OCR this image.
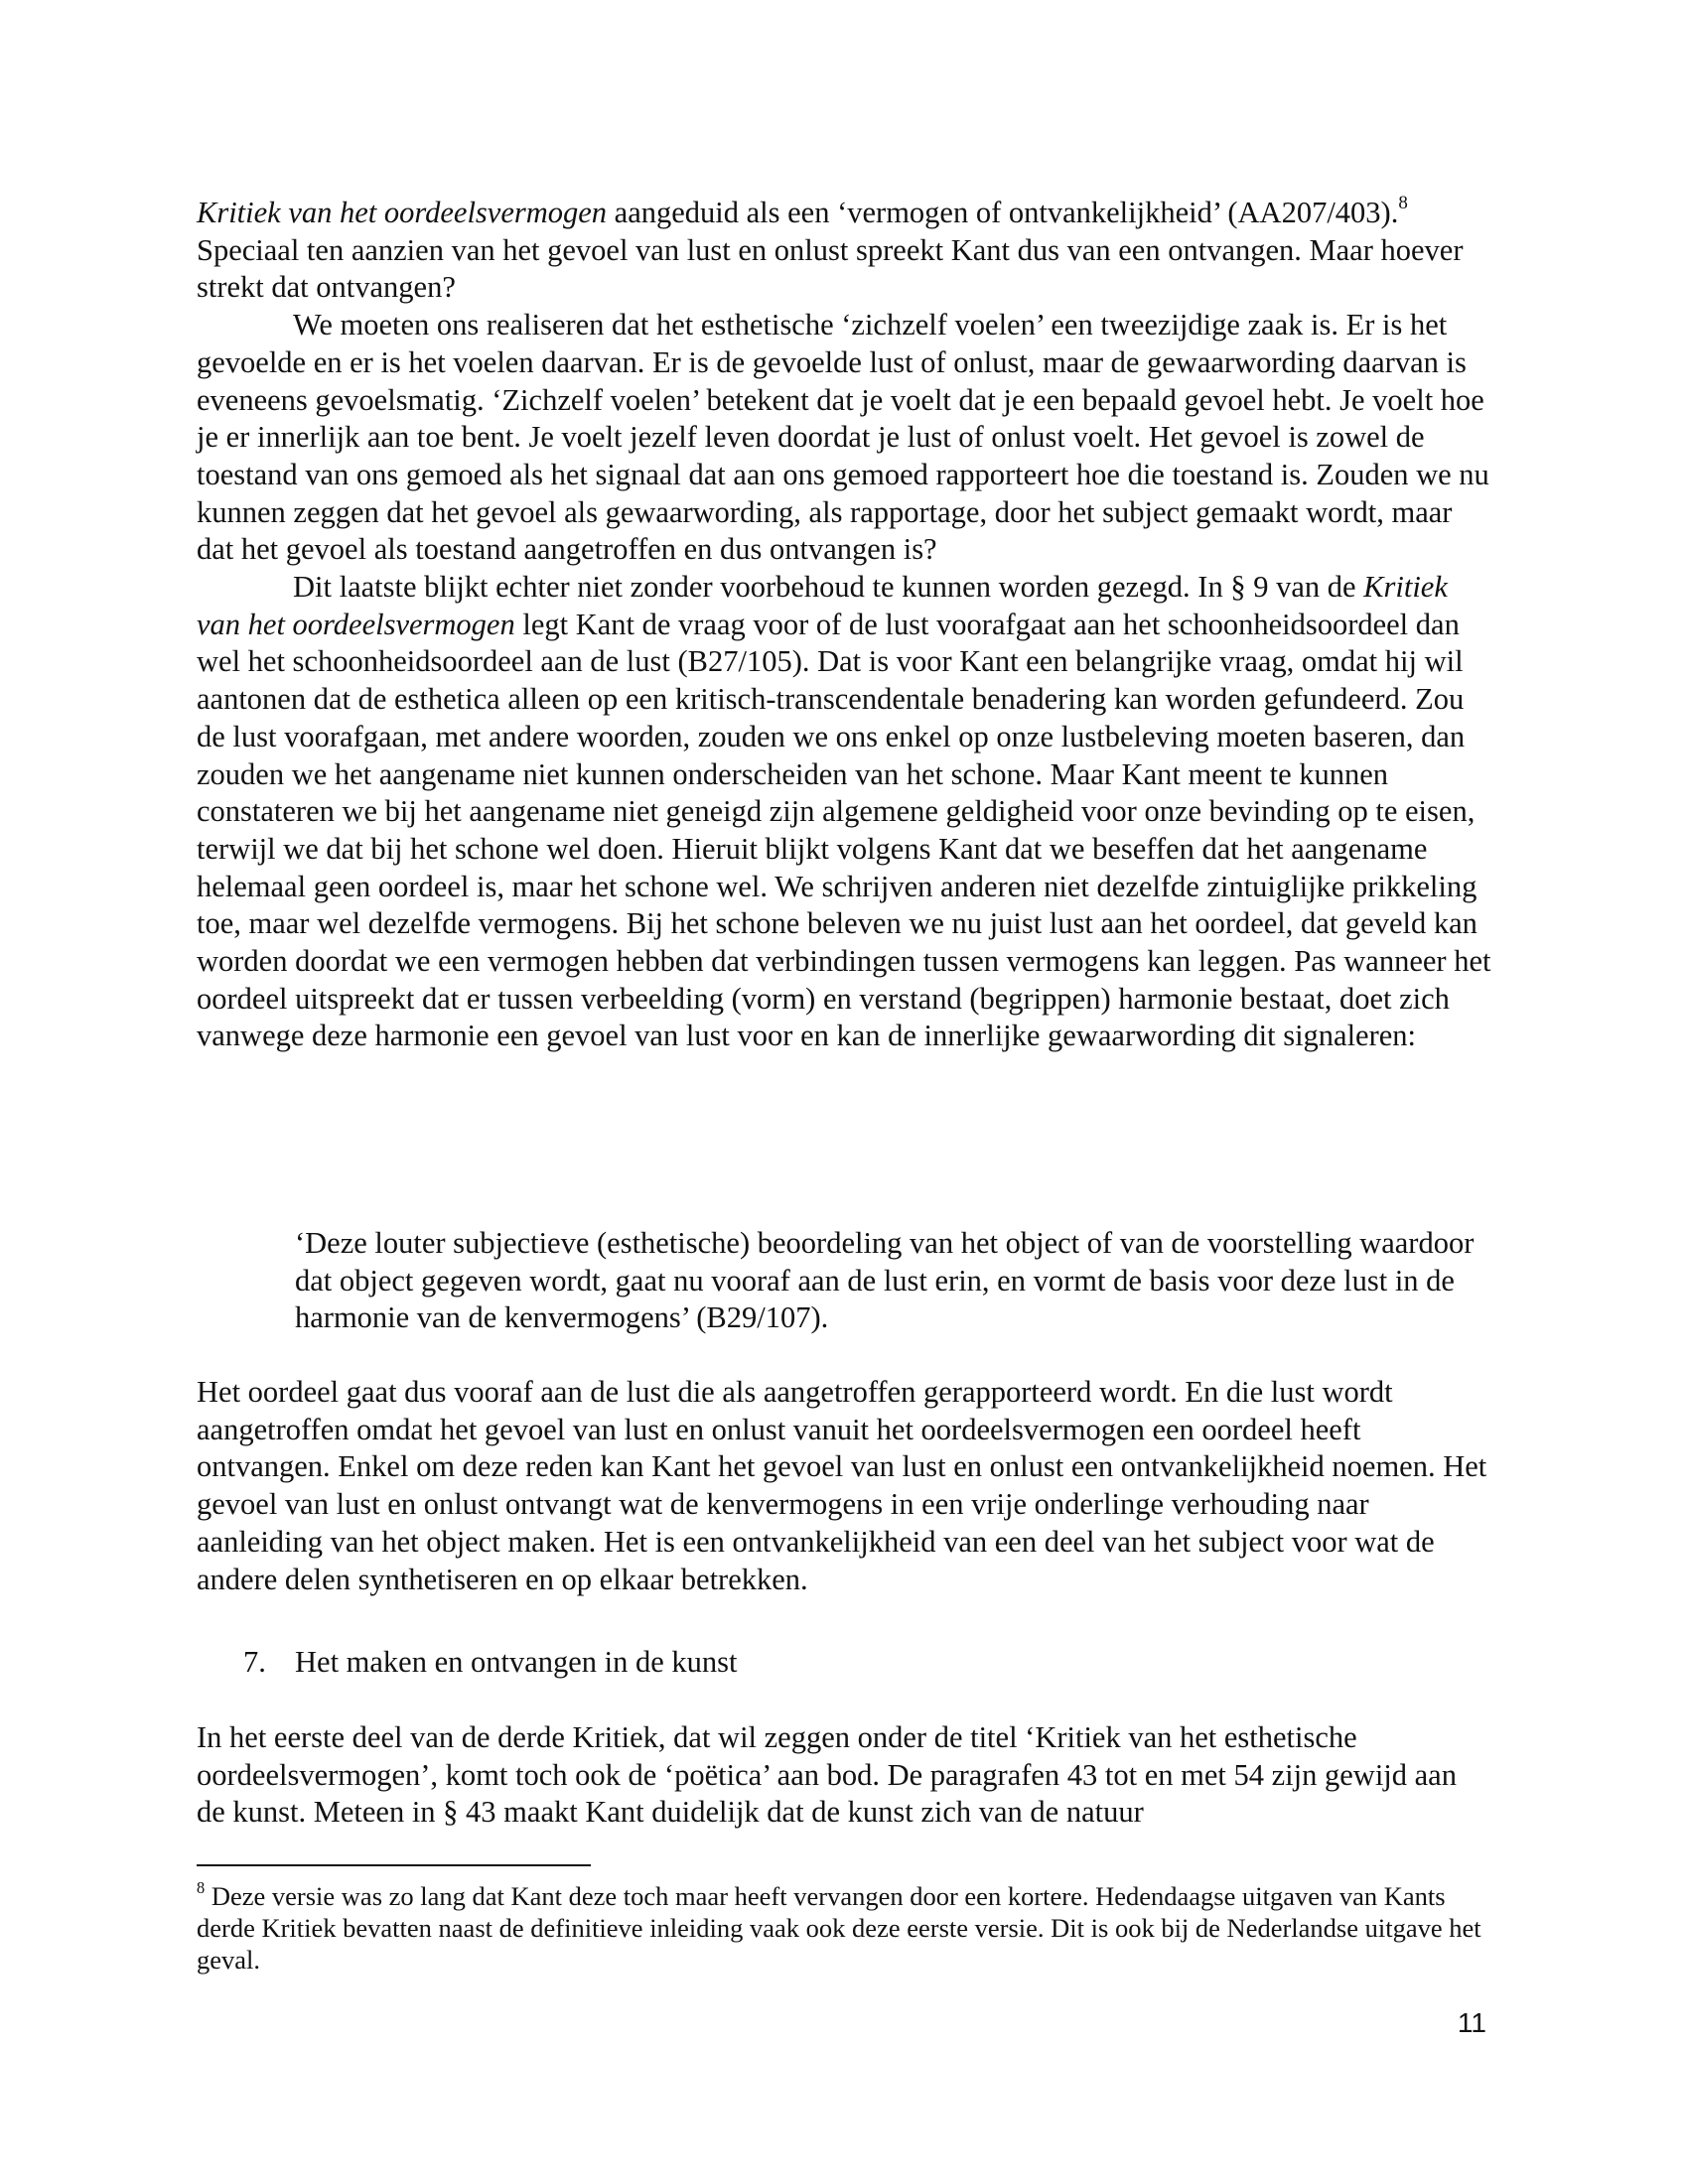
Kritiek van het oordeelsvermogen aangeduid als een ‘vermogen of ontvankelijkheid’ (AA207/403).$^8$ Speciaal ten aanzien van het gevoel van lust en onlust spreekt Kant dus van een ontvangen. Maar hoever strekt dat ontvangen?

We moeten ons realiseren dat het esthetische ‘zichzelf voelen’ een tweezijdige zaak is. Er is het gevoelde en er is het voelen daarvan. Er is de gevoelde lust of onlust, maar de gewaarwording daarvan is eveneens gevoelsmatig. ‘Zichzelf voelen’ betekent dat je voelt dat je een bepaald gevoel hebt. Je voelt hoe je er innerlijk aan toe bent. Je voelt jezelf leven doordat je lust of onlust voelt. Het gevoel is zowel de toestand van ons gemoed als het signaal dat aan ons gemoed rapporteert hoe die toestand is. Zouden we nu kunnen zeggen dat het gevoel als gewaarwording, als rapportage, door het subject gemaakt wordt, maar dat het gevoel als toestand aangetroffen en dus ontvangen is?

Dit laatste blijkt echter niet zonder voorbehoud te kunnen worden gezegd. In § 9 van de Kritiek van het oordeelsvermogen legt Kant de vraag voor of de lust voorafgaat aan het schoonheidsoordeel dan wel het schoonheidsoordeel aan de lust (B27/105). Dat is voor Kant een belangrijke vraag, omdat hij wil aantonen dat de esthetica alleen op een kritisch-transcendentale benadering kan worden gefundeerd. Zou de lust voorafgaan, met andere woorden, zouden we ons enkel op onze lustbeleving moeten baseren, dan zouden we het aangename niet kunnen onderscheiden van het schone. Maar Kant meent te kunnen constateren we bij het aangename niet geneigd zijn algemene geldigheid voor onze bevinding op te eisen, terwijl we dat bij het schone wel doen. Hieruit blijkt volgens Kant dat we beseffen dat het aangename helemaal geen oordeel is, maar het schone wel. We schrijven anderen niet dezelfde zintuiglijke prikkeling toe, maar wel dezelfde vermogens. Bij het schone beleven we nu juist lust aan het oordeel, dat geveld kan worden doordat we een vermogen hebben dat verbindingen tussen vermogens kan leggen. Pas wanneer het oordeel uitspreekt dat er tussen verbeelding (vorm) en verstand (begrippen) harmonie bestaat, doet zich vanwege deze harmonie een gevoel van lust voor en kan de innerlijke gewaarwording dit signaleren:

‘Deze louter subjectieve (esthetische) beoordeling van het object of van de voorstelling waardoor dat object gegeven wordt, gaat nu vooraf aan de lust erin, en vormt de basis voor deze lust in de harmonie van de kenvermogens’ (B29/107).

Het oordeel gaat dus vooraf aan de lust die als aangetroffen gerapporteerd wordt. En die lust wordt aangetroffen omdat het gevoel van lust en onlust vanuit het oordeelsvermogen een oordeel heeft ontvangen. Enkel om deze reden kan Kant het gevoel van lust en onlust een ontvankelijkheid noemen. Het gevoel van lust en onlust ontvangt wat de kenvermogens in een vrije onderlinge verhouding naar aanleiding van het object maken. Het is een ontvankelijkheid van een deel van het subject voor wat de andere delen synthetiseren en op elkaar betrekken.

7. Het maken en ontvangen in de kunst

In het eerste deel van de derde Kritiek, dat wil zeggen onder de titel ‘Kritiek van het esthetische oordeelsvermogen’, komt toch ook de ‘poëtica’ aan bod. De paragrafen 43 tot en met 54 zijn gewijd aan de kunst. Meteen in § 43 maakt Kant duidelijk dat de kunst zich van de natuur

$^8$ Deze versie was zo lang dat Kant deze toch maar heeft vervangen door een kortere. Hedendaagse uitgaven van Kants derde Kritiek bevatten naast de definitieve inleiding vaak ook deze eerste versie. Dit is ook bij de Nederlandse uitgave het geval.

11
